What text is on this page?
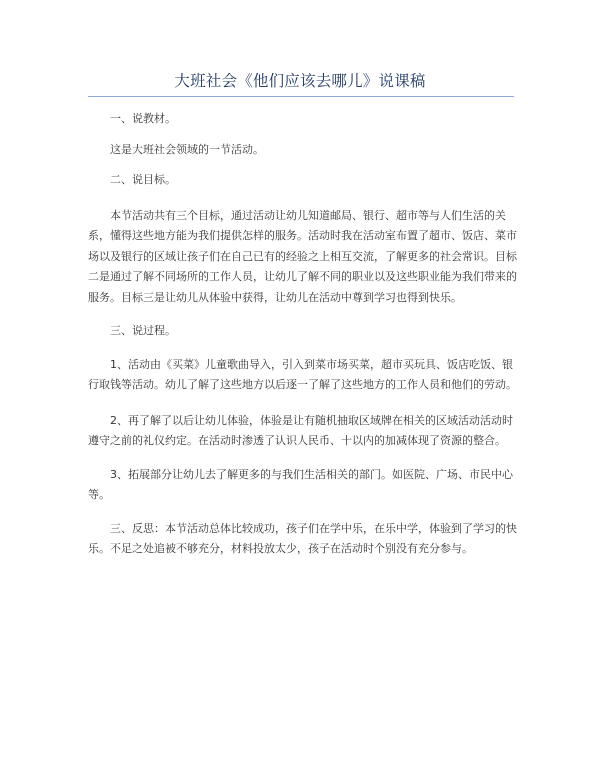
大班社会《他们应该去哪儿》说课稿

一、说教材。

这是大班社会领域的一节活动。

二、说目标。

本节活动共有三个目标，通过活动让幼儿知道邮局、银行、超市等与人们生活的关系，懂得这些地方能为我们提供怎样的服务。活动时我在活动室布置了超市、饭店、菜市场以及银行的区域让孩子们在自己已有的经验之上相互交流，了解更多的社会常识。目标二是通过了解不同场所的工作人员，让幼儿了解不同的职业以及这些职业能为我们带来的服务。目标三是让幼儿从体验中获得，让幼儿在活动中尊到学习也得到快乐。

三、说过程。

1、活动由《买菜》儿童歌曲导入，引入到菜市场买菜，超市买玩具、饭店吃饭、银行取钱等活动。幼儿了解了这些地方以后逐一了解了这些地方的工作人员和他们的劳动。

2、再了解了以后让幼儿体验，体验是让有随机抽取区域牌在相关的区域活动活动时遵守之前的礼仪约定。在活动时渗透了认识人民币、十以内的加减体现了资源的整合。

3、拓展部分让幼儿去了解更多的与我们生活相关的部门。如医院、广场、市民中心等。

三、反思：本节活动总体比较成功，孩子们在学中乐，在乐中学，体验到了学习的快乐。不足之处追被不够充分，材料投放太少，孩子在活动时个别没有充分参与。
